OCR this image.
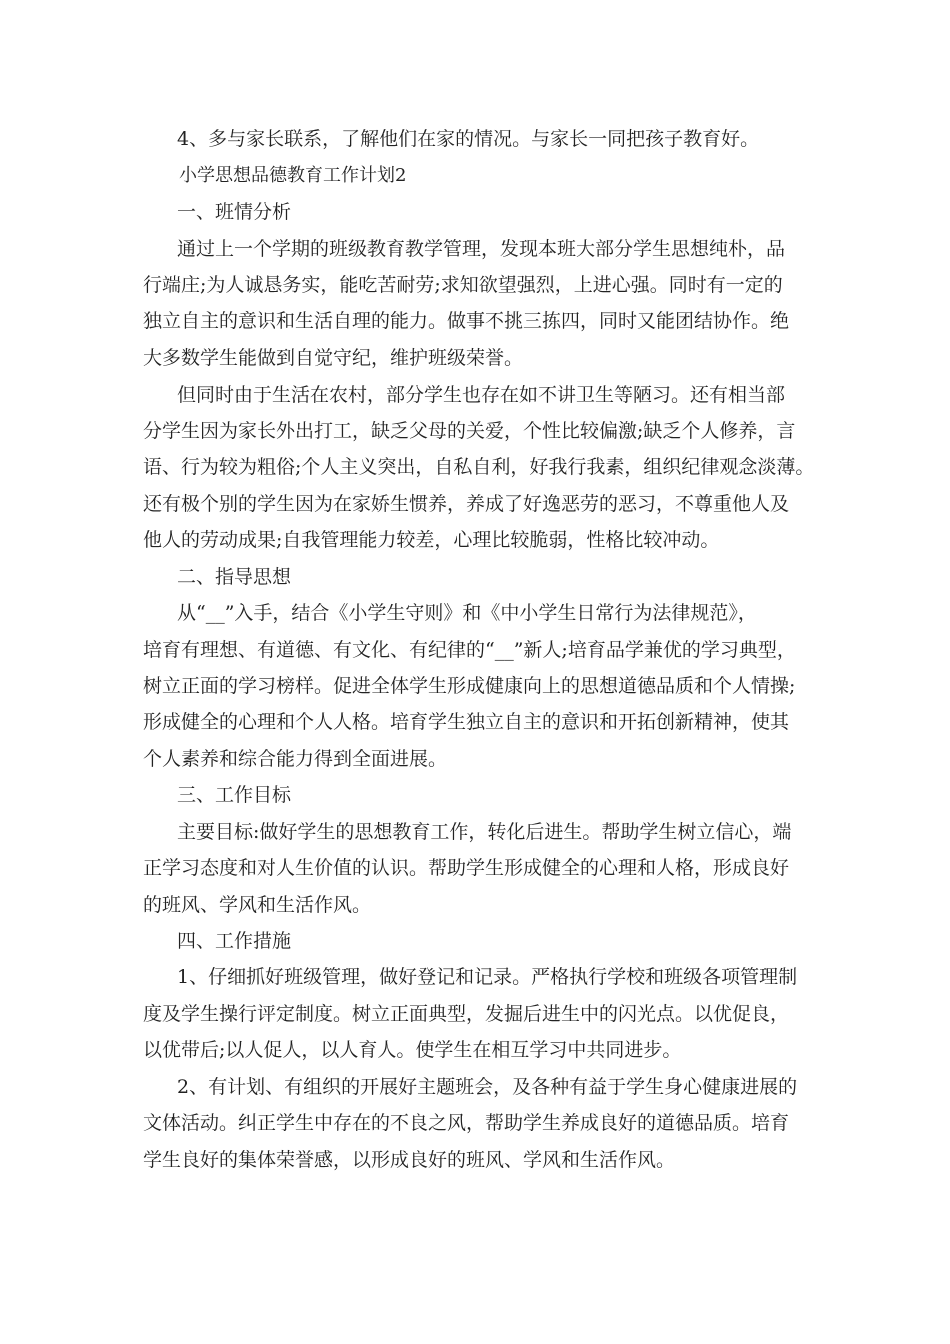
4、多与家长联系，了解他们在家的情况。与家长一同把孩子教育好。
小学思想品德教育工作计划2
一、班情分析
通过上一个学期的班级教育教学管理，发现本班大部分学生思想纯朴，品
行端庄;为人诚恳务实，能吃苦耐劳;求知欲望强烈，上进心强。同时有一定的
独立自主的意识和生活自理的能力。做事不挑三拣四，同时又能团结协作。绝
大多数学生能做到自觉守纪，维护班级荣誉。
但同时由于生活在农村，部分学生也存在如不讲卫生等陋习。还有相当部
分学生因为家长外出打工，缺乏父母的关爱，个性比较偏激;缺乏个人修养，言
语、行为较为粗俗;个人主义突出，自私自利，好我行我素，组织纪律观念淡薄。
还有极个别的学生因为在家娇生惯养，养成了好逸恶劳的恶习，不尊重他人及
他人的劳动成果;自我管理能力较差，心理比较脆弱，性格比较冲动。
二、指导思想
从“__”入手，结合《小学生守则》和《中小学生日常行为法律规范》，
培育有理想、有道德、有文化、有纪律的“__”新人;培育品学兼优的学习典型，
树立正面的学习榜样。促进全体学生形成健康向上的思想道德品质和个人情操;
形成健全的心理和个人人格。培育学生独立自主的意识和开拓创新精神，使其
个人素养和综合能力得到全面进展。
三、工作目标
主要目标:做好学生的思想教育工作，转化后进生。帮助学生树立信心，端
正学习态度和对人生价值的认识。帮助学生形成健全的心理和人格，形成良好
的班风、学风和生活作风。
四、工作措施
1、仔细抓好班级管理，做好登记和记录。严格执行学校和班级各项管理制
度及学生操行评定制度。树立正面典型，发掘后进生中的闪光点。以优促良，
以优带后;以人促人，以人育人。使学生在相互学习中共同进步。
2、有计划、有组织的开展好主题班会，及各种有益于学生身心健康进展的
文体活动。纠正学生中存在的不良之风，帮助学生养成良好的道德品质。培育
学生良好的集体荣誉感，以形成良好的班风、学风和生活作风。
